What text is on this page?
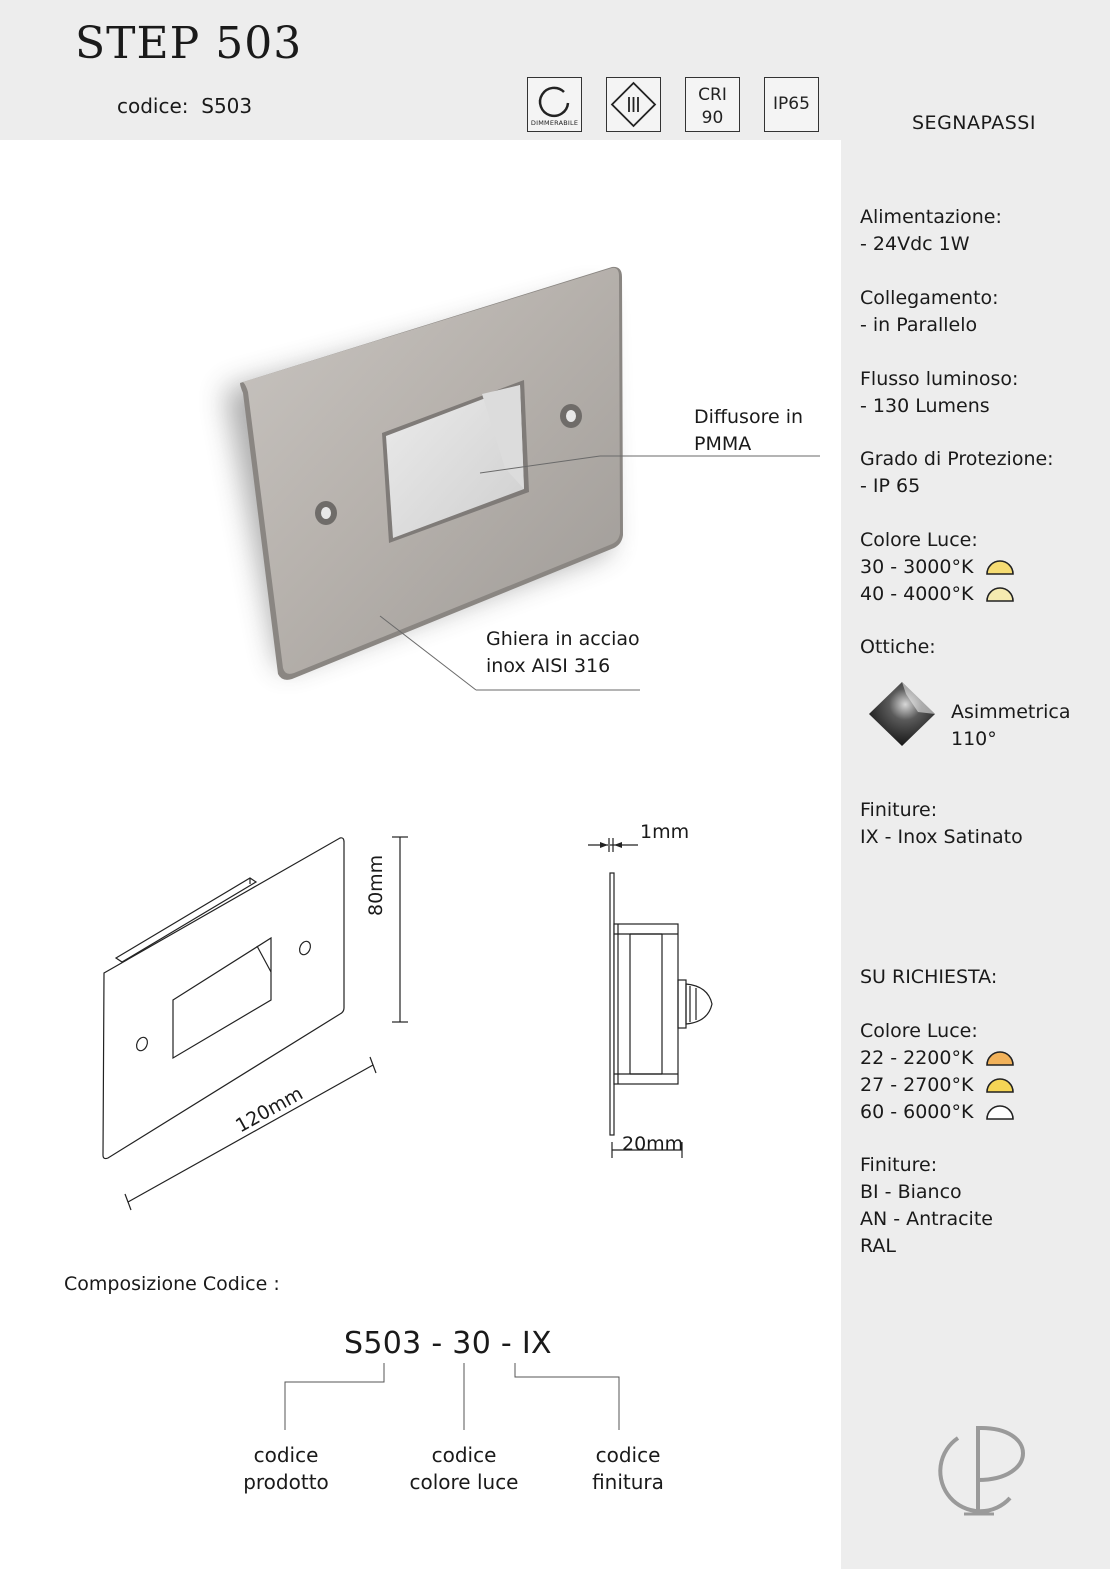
STEP 503
codice: S503
DIMMERABILE
CRI
90
IP65
SEGNAPASSI
Alimentazione:
- 24Vdc 1W
Collegamento:
- in Parallelo
Flusso luminoso:
- 130 Lumens
Grado di Protezione:
- IP 65
Colore Luce:
30 - 3000°K
40 - 4000°K
Ottiche:
Asimmetrica
110°
Finiture:
IX - Inox Satinato
SU RICHIESTA:
Colore Luce:
22 - 2200°K
27 - 2700°K
60 - 6000°K
Finiture:
BI - Bianco
AN - Antracite
RAL
Diffusore in
PMMA
Ghiera in acciao
inox AISI 316
80mm
120mm
1mm
20mm
Composizione Codice :
S503 - 30 - IX
codice
prodotto
codice
colore luce
codice
finitura
